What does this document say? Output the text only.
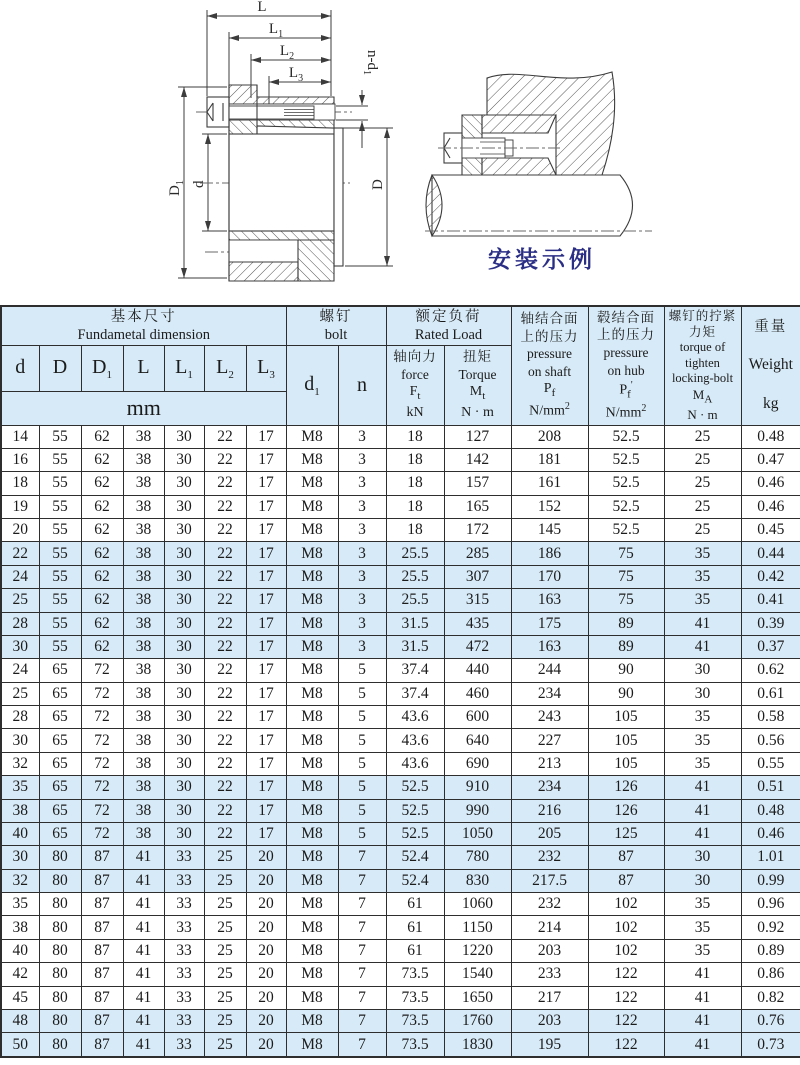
L
$L_1$
$L_2$
$L_3$
$n-d_1$
$D_1$ d	D
安装示例
基本尺寸
Fundametal dimension

螺钉
bolt

额定负荷
Rated Load

轴结合面
上的压力
pressure
on shaft
$P_f$
$N/mm^2$

毂结合面
上的压力
pressure
on hub
$P_f'$
$N/mm^2$

螺钉的拧紧
力矩
torque of
tighten
locking-bolt
$M_A$
N · m

重量
Weight
kg

d	D	$D_1$	L	$L_1$	$L_2$	$L_3$	$d_1$	n	
轴向力
force
$F_t$
kN

扭矩
Torque
$M_t$
N · m

mm														
14	55	62	38	30	22	17	M8	3	18	127	208	52.5	25	0.48
16	55	62	38	30	22	17	M8	3	18	142	181	52.5	25	0.47
18	55	62	38	30	22	17	M8	3	18	157	161	52.5	25	0.46
19	55	62	38	30	22	17	M8	3	18	165	152	52.5	25	0.46
20	55	62	38	30	22	17	M8	3	18	172	145	52.5	25	0.45
22	55	62	38	30	22	17	M8	3	25.5	285	186	75	35	0.44
24	55	62	38	30	22	17	M8	3	25.5	307	170	75	35	0.42
25	55	62	38	30	22	17	M8	3	25.5	315	163	75	35	0.41
28	55	62	38	30	22	17	M8	3	31.5	435	175	89	41	0.39
30	55	62	38	30	22	17	M8	3	31.5	472	163	89	41	0.37
24	65	72	38	30	22	17	M8	5	37.4	440	244	90	30	0.62
25	65	72	38	30	22	17	M8	5	37.4	460	234	90	30	0.61
28	65	72	38	30	22	17	M8	5	43.6	600	243	105	35	0.58
30	65	72	38	30	22	17	M8	5	43.6	640	227	105	35	0.56
32	65	72	38	30	22	17	M8	5	43.6	690	213	105	35	0.55
35	65	72	38	30	22	17	M8	5	52.5	910	234	126	41	0.51
38	65	72	38	30	22	17	M8	5	52.5	990	216	126	41	0.48
40	65	72	38	30	22	17	M8	5	52.5	1050	205	125	41	0.46
30	80	87	41	33	25	20	M8	7	52.4	780	232	87	30	1.01
32	80	87	41	33	25	20	M8	7	52.4	830	217.5	87	30	0.99
35	80	87	41	33	25	20	M8	7	61	1060	232	102	35	0.96
38	80	87	41	33	25	20	M8	7	61	1150	214	102	35	0.92
40	80	87	41	33	25	20	M8	7	61	1220	203	102	35	0.89
42	80	87	41	33	25	20	M8	7	73.5	1540	233	122	41	0.86
45	80	87	41	33	25	20	M8	7	73.5	1650	217	122	41	0.82
48	80	87	41	33	25	20	M8	7	73.5	1760	203	122	41	0.76
50	80	87	41	33	25	20	M8	7	73.5	1830	195	122	41	0.73
